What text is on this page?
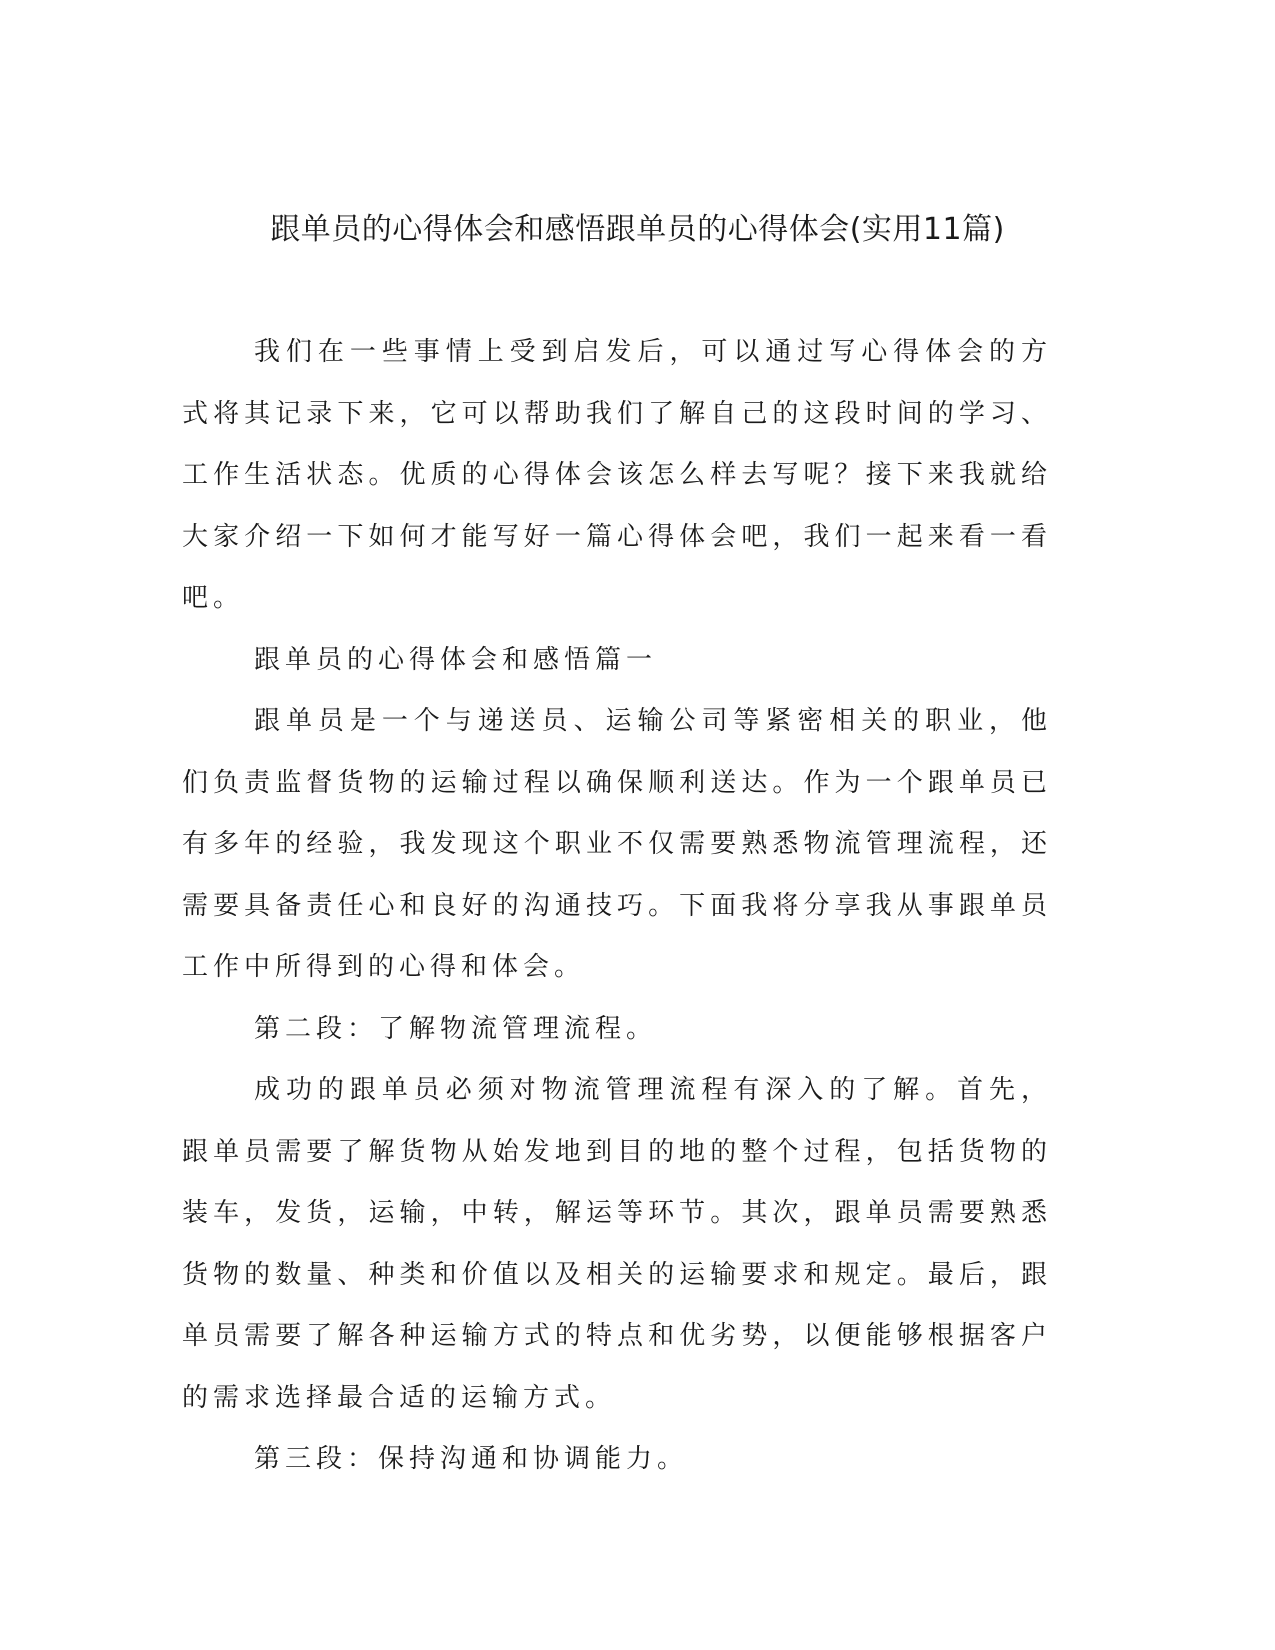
跟单员的心得体会和感悟跟单员的心得体会(实用11篇)

我们在一些事情上受到启发后，可以通过写心得体会的方式将其记录下来，它可以帮助我们了解自己的这段时间的学习、工作生活状态。优质的心得体会该怎么样去写呢？接下来我就给大家介绍一下如何才能写好一篇心得体会吧，我们一起来看一看吧。

跟单员的心得体会和感悟篇一

跟单员是一个与递送员、运输公司等紧密相关的职业，他们负责监督货物的运输过程以确保顺利送达。作为一个跟单员已有多年的经验，我发现这个职业不仅需要熟悉物流管理流程，还需要具备责任心和良好的沟通技巧。下面我将分享我从事跟单员工作中所得到的心得和体会。

第二段：了解物流管理流程。

成功的跟单员必须对物流管理流程有深入的了解。首先，跟单员需要了解货物从始发地到目的地的整个过程，包括货物的装车，发货，运输，中转，解运等环节。其次，跟单员需要熟悉货物的数量、种类和价值以及相关的运输要求和规定。最后，跟单员需要了解各种运输方式的特点和优劣势，以便能够根据客户的需求选择最合适的运输方式。

第三段：保持沟通和协调能力。
